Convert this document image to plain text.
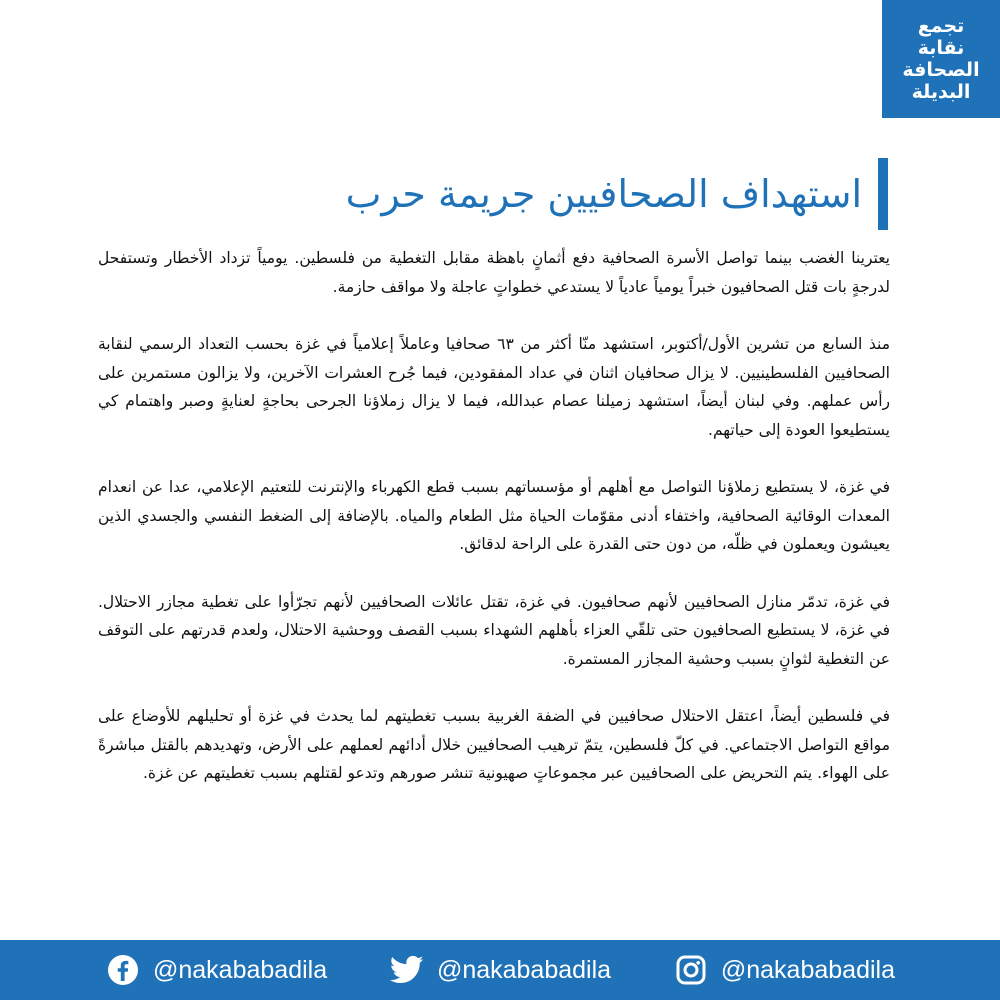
تجمع
نقابة
الصحافة
البديلة
استهداف الصحافيين جريمة حرب

يعترينا الغضب بينما تواصل الأسرة الصحافية دفع أثمانٍ باهظة مقابل التغطية من فلسطين. يومياً تزداد الأخطار وتستفحل لدرجةٍ بات قتل الصحافيون خبراً يومياً عادياً لا يستدعي خطواتٍ عاجلة ولا مواقف حازمة.

منذ السابع من تشرين الأول/أكتوبر، استشهد منّا أكثر من ٦٣ صحافيا وعاملاً إعلامياً في غزة بحسب التعداد الرسمي لنقابة الصحافيين الفلسطينيين. لا يزال صحافيان اثنان في عداد المفقودين، فيما جُرح العشرات الآخرين، ولا يزالون مستمرين على رأس عملهم. وفي لبنان أيضاً، استشهد زميلنا عصام عبدالله، فيما لا يزال زملاؤنا الجرحى بحاجةٍ لعنايةٍ وصبر واهتمام كي يستطيعوا العودة إلى حياتهم.

في غزة، لا يستطيع زملاؤنا التواصل مع أهلهم أو مؤسساتهم بسبب قطع الكهرباء والإنترنت للتعتيم الإعلامي، عدا عن انعدام المعدات الوقائية الصحافية، واختفاء أدنى مقوّمات الحياة مثل الطعام والمياه. بالإضافة إلى الضغط النفسي والجسدي الذين يعيشون ويعملون في ظلّه، من دون حتى القدرة على الراحة لدقائق.

في غزة، تدمّر منازل الصحافيين لأنهم صحافيون. في غزة، تقتل عائلات الصحافيين لأنهم تجرّأوا على تغطية مجازر الاحتلال. في غزة، لا يستطيع الصحافيون حتى تلقّي العزاء بأهلهم الشهداء بسبب القصف ووحشية الاحتلال، ولعدم قدرتهم على التوقف عن التغطية لثوانٍ بسبب وحشية المجازر المستمرة.

في فلسطين أيضاً، اعتقل الاحتلال صحافيين في الضفة الغربية بسبب تغطيتهم لما يحدث في غزة أو تحليلهم للأوضاع على مواقع التواصل الاجتماعي. في كلّ فلسطين، يتمّ ترهيب الصحافيين خلال أدائهم لعملهم على الأرض، وتهديدهم بالقتل مباشرةً على الهواء. يتم التحريض على الصحافيين عبر مجموعاتٍ صهيونية تنشر صورهم وتدعو لقتلهم بسبب تغطيتهم عن غزة.

@nakababadila	@nakababadila	@nakababadila
